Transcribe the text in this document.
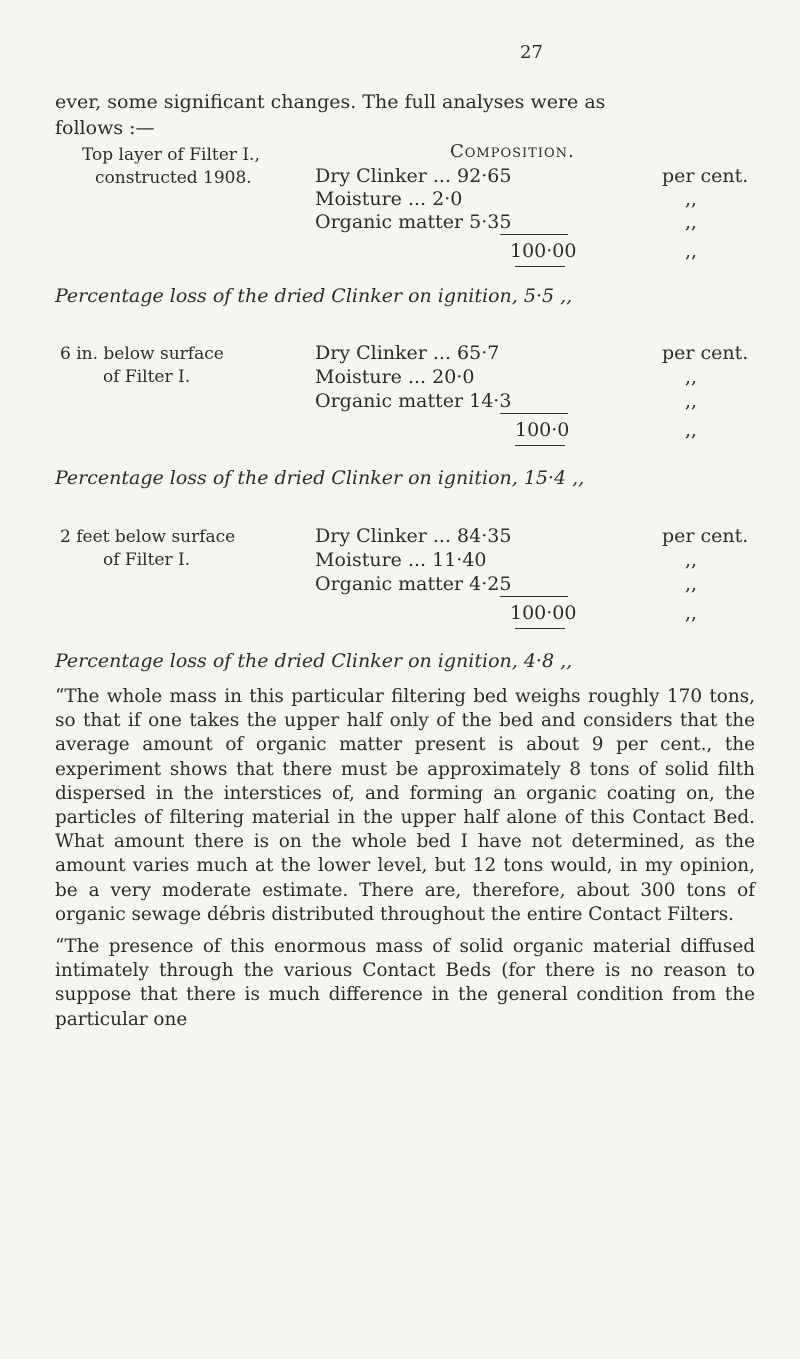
27
ever, some significant changes. The full analyses were as
follows :—
Composition.
Top layer of Filter I.,
constructed 1908.	Dry Clinker ... 92·65	per cent.
Moisture ... 2·0	,,
Organic matter 5·35	,,
100·00	,,
Percentage loss of the dried Clinker on ignition, 5·5 ,,
6 in. below surface
of Filter I.
Dry Clinker ... 65·7	per cent.
Moisture ... 20·0	,,
Organic matter 14·3	,,
100·0	,,
Percentage loss of the dried Clinker on ignition, 15·4 ,,
2 feet below surface
of Filter I.
Dry Clinker ... 84·35	per cent.
Moisture ... 11·40	,,
Organic matter 4·25	,,
100·00	,,
Percentage loss of the dried Clinker on ignition, 4·8 ,,

“The whole mass in this particular filtering bed weighs roughly 170 tons, so that if one takes the upper half only of the bed and considers that the average amount of organic matter present is about 9 per cent., the experiment shows that there must be approximately 8 tons of solid filth dispersed in the interstices of, and forming an organic coating on, the particles of filtering material in the upper half alone of this Contact Bed. What amount there is on the whole bed I have not determined, as the amount varies much at the lower level, but 12 tons would, in my opinion, be a very moderate estimate. There are, therefore, about 300 tons of organic sewage débris distributed throughout the entire Contact Filters.

“The presence of this enormous mass of solid organic material diffused intimately through the various Contact Beds (for there is no reason to suppose that there is much difference in the general condition from the particular one
